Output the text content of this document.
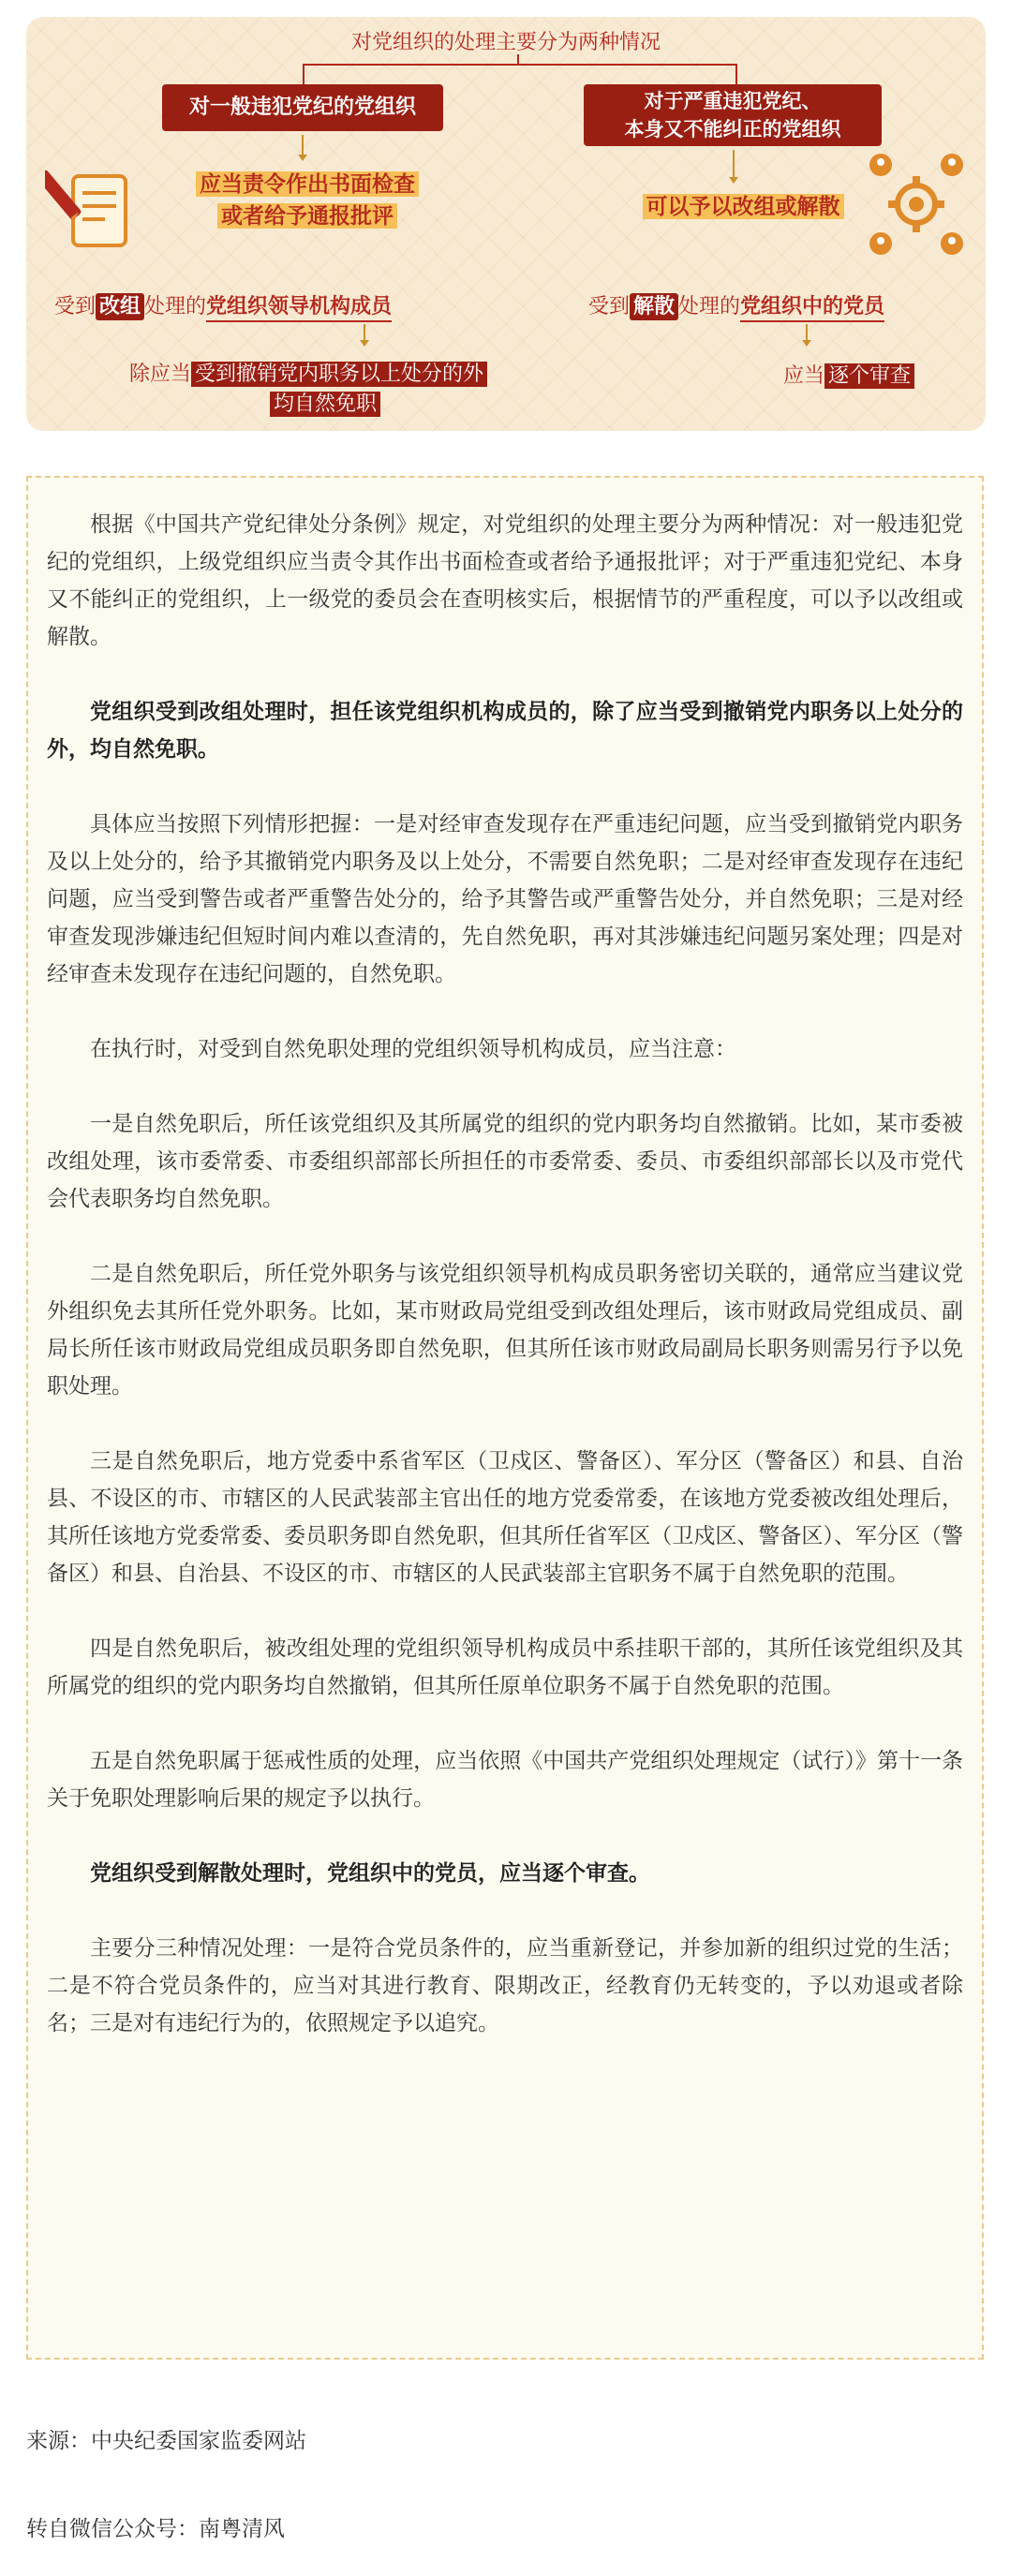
对党组织的处理主要分为两种情况
对一般违犯党纪的党组织	对于严重违犯党纪、
本身又不能纠正的党组织
应当责令作出书面检查
或者给予通报批评	可以予以改组或解散
受到 改组 处理的党组织领导机构成员	受到 解散 处理的党组织中的党员
除应当 受到撤销党内职务以上处分的外
均自然免职
应当 逐个审查

根据《中国共产党纪律处分条例》规定，对党组织的处理主要分为两种情况：对一般违犯党纪的党组织，上级党组织应当责令其作出书面检查或者给予通报批评；对于严重违犯党纪、本身又不能纠正的党组织，上一级党的委员会在查明核实后，根据情节的严重程度，可以予以改组或解散。

党组织受到改组处理时，担任该党组织机构成员的，除了应当受到撤销党内职务以上处分的外，均自然免职。

具体应当按照下列情形把握：一是对经审查发现存在严重违纪问题，应当受到撤销党内职务及以上处分的，给予其撤销党内职务及以上处分，不需要自然免职；二是对经审查发现存在违纪问题，应当受到警告或者严重警告处分的，给予其警告或严重警告处分，并自然免职；三是对经审查发现涉嫌违纪但短时间内难以查清的，先自然免职，再对其涉嫌违纪问题另案处理；四是对经审查未发现存在违纪问题的，自然免职。

在执行时，对受到自然免职处理的党组织领导机构成员，应当注意：

一是自然免职后，所任该党组织及其所属党的组织的党内职务均自然撤销。比如，某市委被改组处理，该市委常委、市委组织部部长所担任的市委常委、委员、市委组织部部长以及市党代会代表职务均自然免职。

二是自然免职后，所任党外职务与该党组织领导机构成员职务密切关联的，通常应当建议党外组织免去其所任党外职务。比如，某市财政局党组受到改组处理后，该市财政局党组成员、副局长所任该市财政局党组成员职务即自然免职，但其所任该市财政局副局长职务则需另行予以免职处理。

三是自然免职后，地方党委中系省军区（卫戍区、警备区）、军分区（警备区）和县、自治县、不设区的市、市辖区的人民武装部主官出任的地方党委常委，在该地方党委被改组处理后，其所任该地方党委常委、委员职务即自然免职，但其所任省军区（卫戍区、警备区）、军分区（警备区）和县、自治县、不设区的市、市辖区的人民武装部主官职务不属于自然免职的范围。

四是自然免职后，被改组处理的党组织领导机构成员中系挂职干部的，其所任该党组织及其所属党的组织的党内职务均自然撤销，但其所任原单位职务不属于自然免职的范围。

五是自然免职属于惩戒性质的处理，应当依照《中国共产党组织处理规定（试行）》第十一条关于免职处理影响后果的规定予以执行。

党组织受到解散处理时，党组织中的党员，应当逐个审查。

主要分三种情况处理：一是符合党员条件的，应当重新登记，并参加新的组织过党的生活；二是不符合党员条件的，应当对其进行教育、限期改正，经教育仍无转变的，予以劝退或者除名；三是对有违纪行为的，依照规定予以追究。

来源：中央纪委国家监委网站
转自微信公众号：南粤清风
